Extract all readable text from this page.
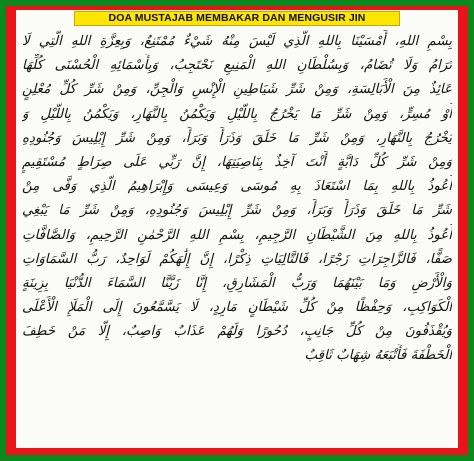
DOA MUSTAJAB MEMBAKAR DAN MENGUSIR JIN
بِسْمِ اللهِ، أَمْسَيْنَا بِاللهِ الَّذِي لَيْسَ مِنْهُ شَيْءٌ مُمْتَنِعٌ، وَبِعِزَّةِ اللهِ الَّتِي لَا
تُرَامُ وَلَا تُضَامُ، وَبِسُلْطَانِ اللهِ الْمَنِيعِ نَحْتَجِبُ، وَبِأَسْمَائِهِ الْحُسْنَى كُلِّهَا
عَائِذٌ مِنَ الْأَبَالِسَةِ، وَمِنْ شَرِّ شَيَاطِينِ الْإِنْسِ وَالْجِنِّ، وَمِنْ شَرِّ كُلِّ مُعْلِنٍ
أَوْ مُسِرٍّ، وَمِنْ شَرِّ مَا يَخْرُجُ بِاللَّيْلِ وَيَكْمُنُ بِالنَّهَارِ، وَيَكْمُنُ بِاللَّيْلِ وَ
يَخْرُجُ بِالنَّهَارِ، وَمِنْ شَرِّ مَا خَلَقَ وَذَرَأَ وَبَرَأَ، وَمِنْ شَرِّ إِبْلِيسَ وَجُنُودِهِ
وَمِنْ شَرِّ كُلِّ دَابَّةٍ أَنْتَ آخِذٌ بِنَاصِيَتِهَا، إِنَّ رَبِّي عَلَى صِرَاطٍ مُسْتَقِيمٍ
أَعُوذُ بِاللهِ بِمَا اسْتَعَاذَ بِهِ مُوسَى وَعِيسَى وَإِبْرَاهِيمُ الَّذِي وَفَّى مِنْ
شَرِّ مَا خَلَقَ وَذَرَأَ وَبَرَأَ، وَمِنْ شَرِّ إِبْلِيسَ وَجُنُودِهِ، وَمِنْ شَرِّ مَا يَبْغِي
أَعُوذُ بِاللهِ مِنَ الشَّيْطَانِ الرَّجِيمِ، بِسْمِ اللهِ الرَّحْمٰنِ الرَّحِيمِ، وَالصَّافَّاتِ
صَفًّا، فَالزَّاجِرَاتِ زَجْرًا، فَالتَّالِيَاتِ ذِكْرًا، إِنَّ إِلَٰهَكُمْ لَوَاحِدٌ، رَبُّ السَّمَاوَاتِ
وَالْأَرْضِ وَمَا بَيْنَهُمَا وَرَبُّ الْمَشَارِقِ، إِنَّا زَيَّنَّا السَّمَاءَ الدُّنْيَا بِزِينَةٍ
الْكَوَاكِبِ، وَحِفْظًا مِنْ كُلِّ شَيْطَانٍ مَارِدٍ، لَا يَسَّمَّعُونَ إِلَى الْمَلَإِ الْأَعْلَى
وَيُقْذَفُونَ مِنْ كُلِّ جَانِبٍ، دُحُورًا وَلَهُمْ عَذَابٌ وَاصِبٌ، إِلَّا مَنْ خَطِفَ
الْخَطْفَةَ فَأَتْبَعَهُ شِهَابٌ ثَاقِبٌ
